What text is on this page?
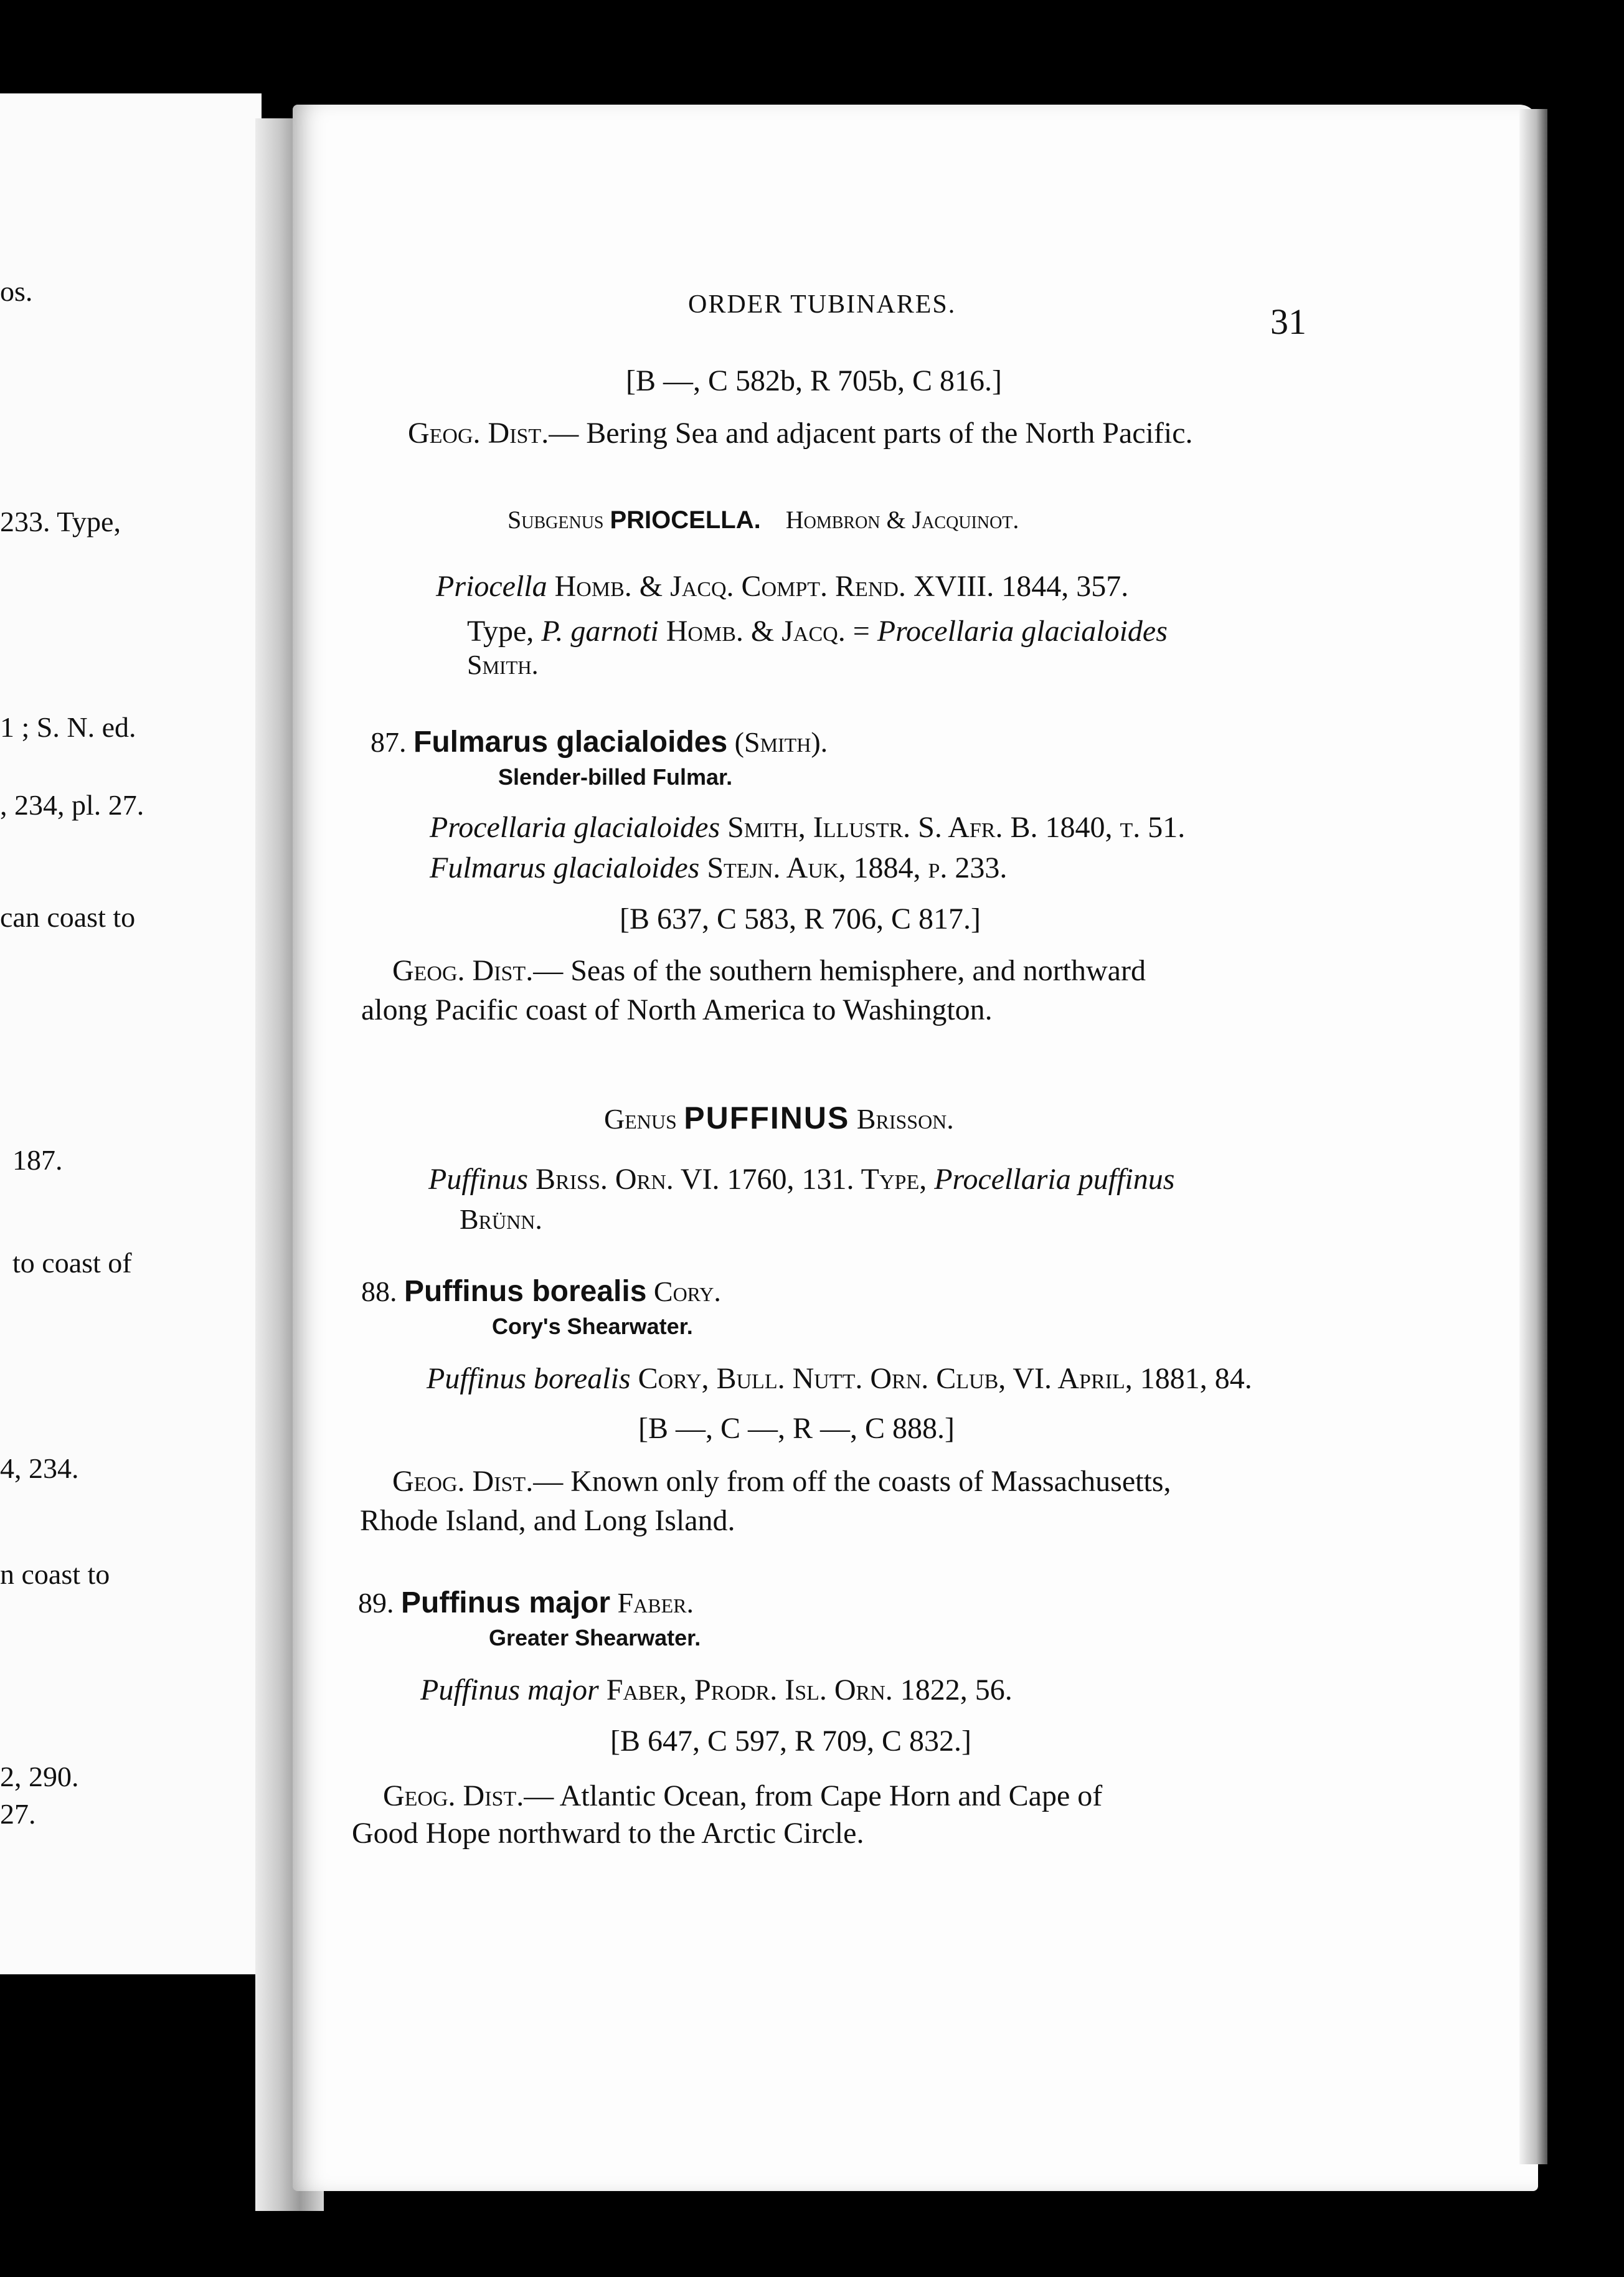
os.
233. Type,
1 ; S. N. ed.
, 234, pl. 27.
can coast to
187.
to coast of
4, 234.
n coast to
2, 290.
27.
ORDER TUBINARES.	31
[B —, C 582b, R 705b, C 816.]
Geog. Dist.— Bering Sea and adjacent parts of the North Pacific.
Subgenus PRIOCELLA. Hombron & Jacquinot.
Priocella Homb. & Jacq. Compt. Rend. XVIII. 1844, 357.
Type, P. garnoti Homb. & Jacq. = Procellaria glacialoides
Smith.
87. Fulmarus glacialoides (Smith).
Slender-billed Fulmar.
Procellaria glacialoides Smith, Illustr. S. Afr. B. 1840, t. 51.
Fulmarus glacialoides Stejn. Auk, 1884, p. 233.
[B 637, C 583, R 706, C 817.]
Geog. Dist.— Seas of the southern hemisphere, and northward
along Pacific coast of North America to Washington.
Genus PUFFINUS Brisson.
Puffinus Briss. Orn. VI. 1760, 131. Type, Procellaria puffinus
Brünn.
88. Puffinus borealis Cory.
Cory's Shearwater.
Puffinus borealis Cory, Bull. Nutt. Orn. Club, VI. April, 1881, 84.
[B —, C —, R —, C 888.]
Geog. Dist.— Known only from off the coasts of Massachusetts,
Rhode Island, and Long Island.
89. Puffinus major Faber.
Greater Shearwater.
Puffinus major Faber, Prodr. Isl. Orn. 1822, 56.
[B 647, C 597, R 709, C 832.]
Geog. Dist.— Atlantic Ocean, from Cape Horn and Cape of
Good Hope northward to the Arctic Circle.
